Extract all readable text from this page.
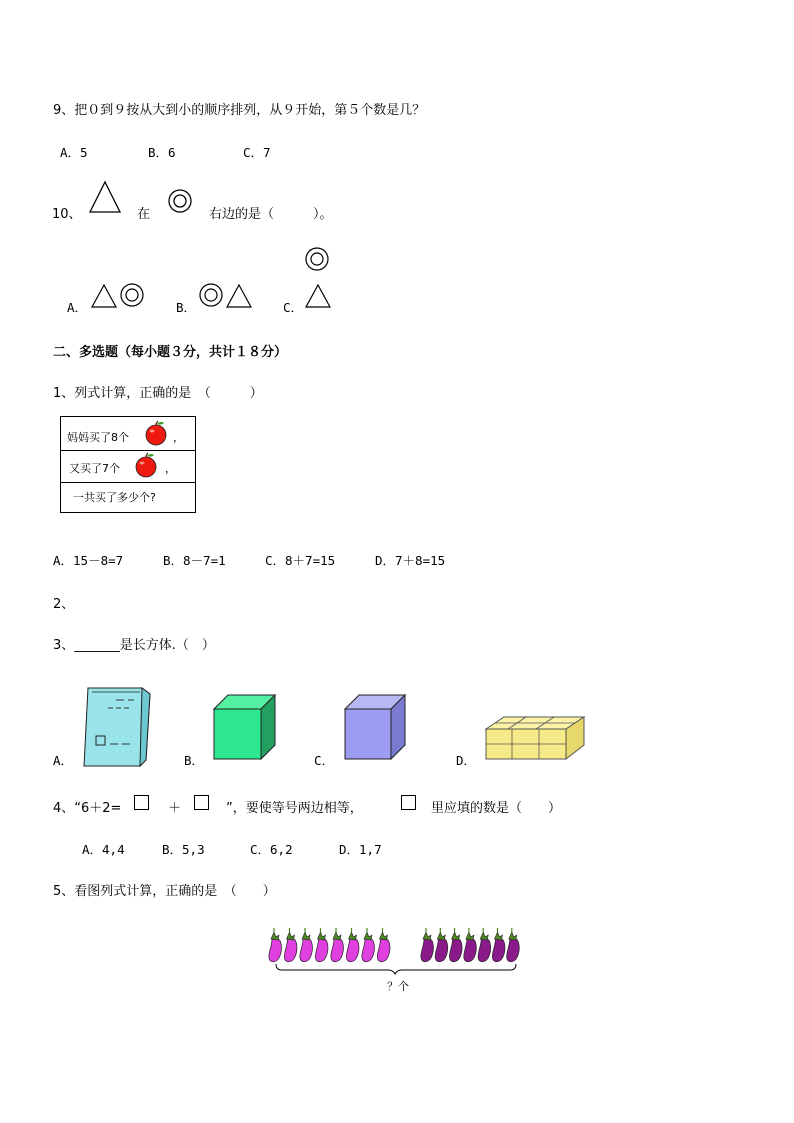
9、把０到９按从大到小的顺序排列，从９开始，第５个数是几？
A．5	B．6	C．7
10、	在	右边的是（　　　）。
A．	B．	C．
二、多选题（每小题３分，共计１８分）
1、列式计算，正确的是　（　　　）
妈妈买了8个	，
又买了7个	，
一共买了多少个?
A．15－8=7	B．8－7=1	C．8＋7=15	D．7＋8=15
2、
3、_______是长方体.（　）
A．	B．	C．	D．
4、“6＋2=	＋	”，要使等号两边相等，	里应填的数是（　　）
A．4,4	B．5,3	C．6,2	D．1,7
5、看图列式计算，正确的是　（　　）
？个
